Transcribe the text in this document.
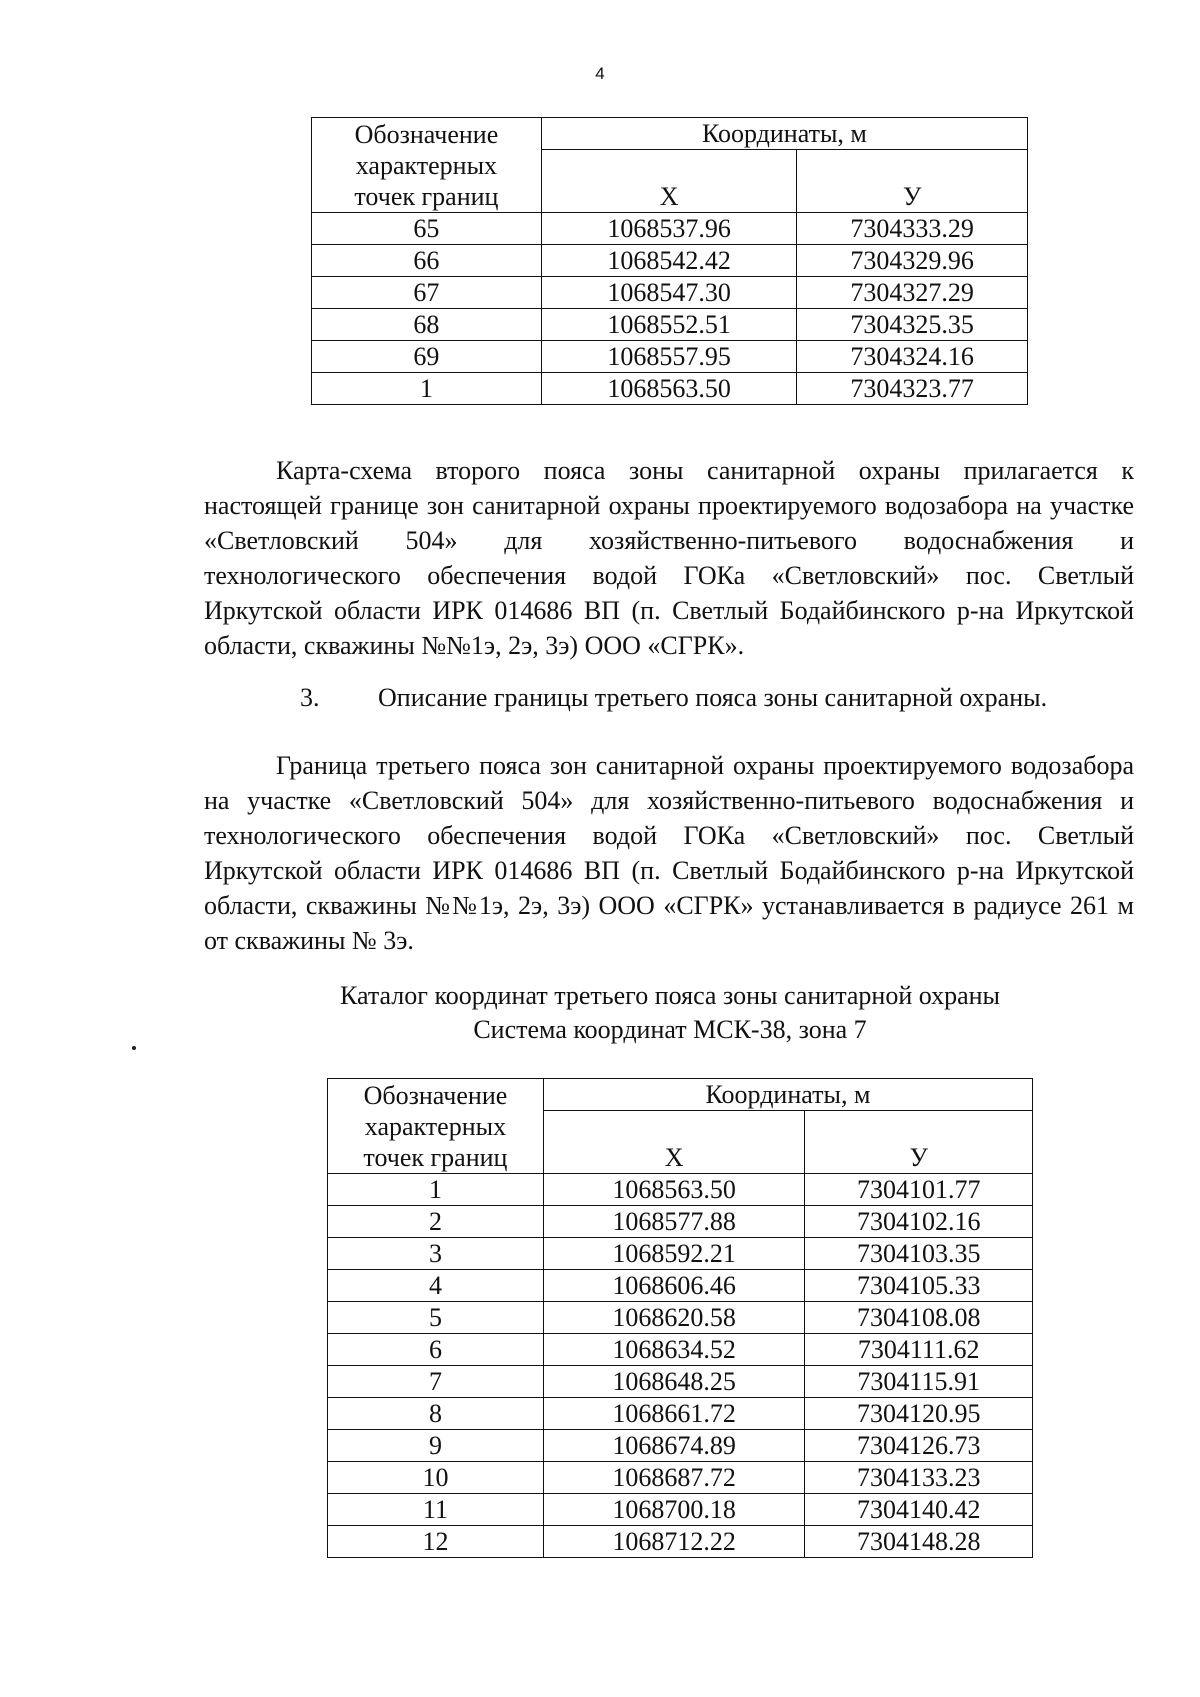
4
Обозначение характерных точек границ	Координаты, м	
	X	У
65	1068537.96	7304333.29
66	1068542.42	7304329.96
67	1068547.30	7304327.29
68	1068552.51	7304325.35
69	1068557.95	7304324.16
1	1068563.50	7304323.77

Карта-схема второго пояса зоны санитарной охраны прилагается к настоящей границе зон санитарной охраны проектируемого водозабора на участке «Светловский 504» для хозяйственно-питьевого водоснабжения и технологического обеспечения водой ГОКа «Светловский» пос. Светлый Иркутской области ИРК 014686 ВП (п. Светлый Бодайбинского р-на Иркутской области, скважины №№1э, 2э, 3э) ООО «СГРК».

3. Описание границы третьего пояса зоны санитарной охраны.

Граница третьего пояса зон санитарной охраны проектируемого водозабора на участке «Светловский 504» для хозяйственно-питьевого водоснабжения и технологического обеспечения водой ГОКа «Светловский» пос. Светлый Иркутской области ИРК 014686 ВП (п. Светлый Бодайбинского р-на Иркутской области, скважины №№1э, 2э, 3э) ООО «СГРК» устанавливается в радиусе 261 м от скважины № 3э.

Каталог координат третьего пояса зоны санитарной охраны
Система координат МСК-38, зона 7
Обозначение характерных точек границ	Координаты, м	
	X	У
1	1068563.50	7304101.77
2	1068577.88	7304102.16
3	1068592.21	7304103.35
4	1068606.46	7304105.33
5	1068620.58	7304108.08
6	1068634.52	7304111.62
7	1068648.25	7304115.91
8	1068661.72	7304120.95
9	1068674.89	7304126.73
10	1068687.72	7304133.23
11	1068700.18	7304140.42
12	1068712.22	7304148.28
